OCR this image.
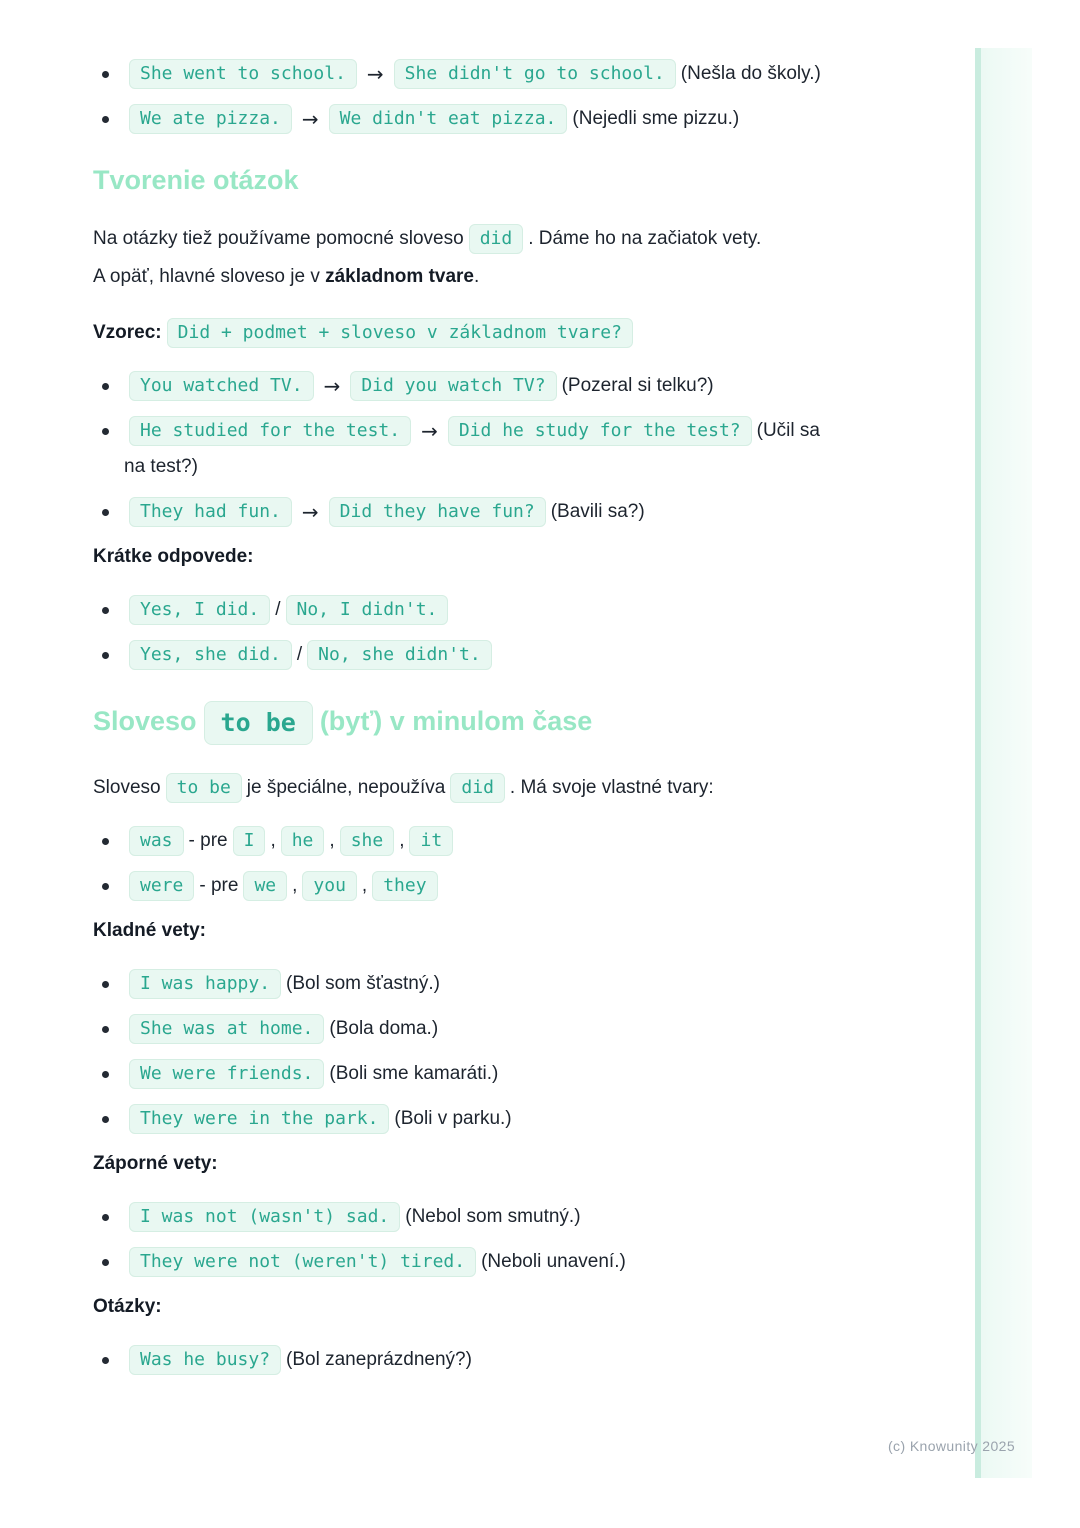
She went to school. → She didn't go to school. (Nešla do školy.)
We ate pizza. → We didn't eat pizza. (Nejedli sme pizzu.)
Tvorenie otázok

Na otázky tiež používame pomocné sloveso did . Dáme ho na začiatok vety.
A opäť, hlavné sloveso je v základnom tvare.

Vzorec: Did + podmet + sloveso v základnom tvare?

You watched TV. → Did you watch TV? (Pozeral si telku?)
He studied for the test. → Did he study for the test? (Učil sa na test?)
They had fun. → Did they have fun? (Bavili sa?)
Krátke odpovede:
Yes, I did. / No, I didn't.
Yes, she did. / No, she didn't.
Sloveso to be (byť) v minulom čase

Sloveso to be je špeciálne, nepoužíva did . Má svoje vlastné tvary:

was - pre I , he , she , it
were - pre we , you , they
Kladné vety:
I was happy. (Bol som šťastný.)
She was at home. (Bola doma.)
We were friends. (Boli sme kamaráti.)
They were in the park. (Boli v parku.)
Záporné vety:
I was not (wasn't) sad. (Nebol som smutný.)
They were not (weren't) tired. (Neboli unavení.)
Otázky:
Was he busy? (Bol zaneprázdnený?)
(c) Knowunity 2025
